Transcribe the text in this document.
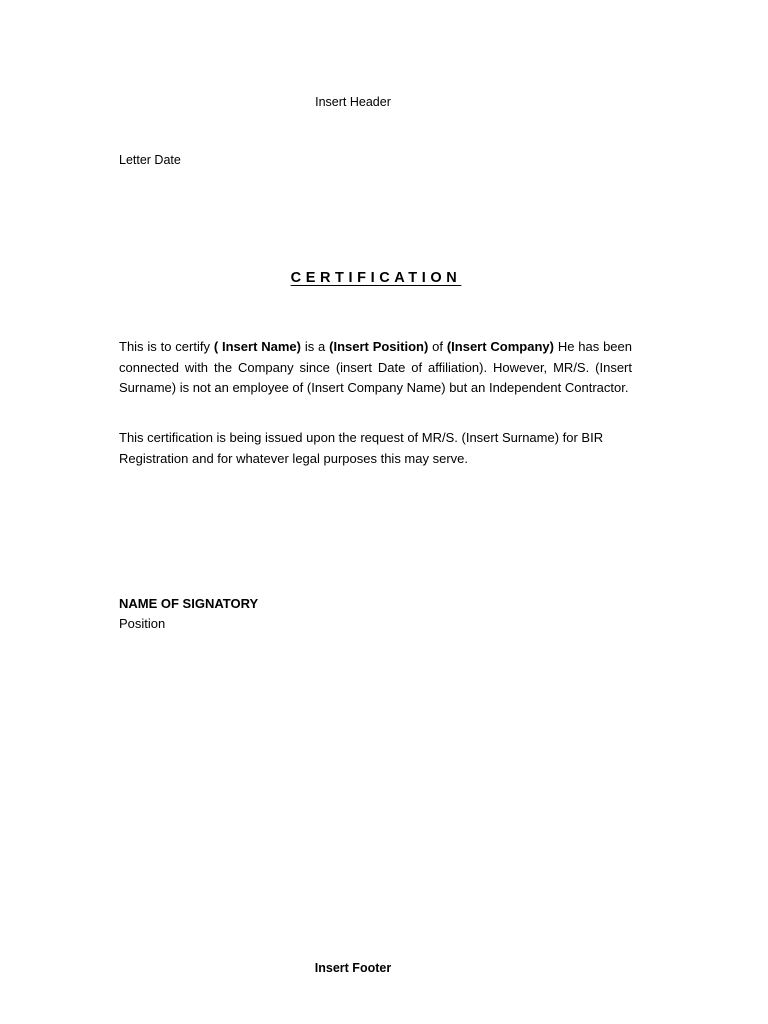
Insert Header
Letter Date
CERTIFICATION
This is to certify ( Insert Name) is a (Insert Position) of (Insert Company) He has been connected with the Company since (insert Date of affiliation). However, MR/S. (Insert Surname) is not an employee of (Insert Company Name) but an Independent Contractor.
This certification is being issued upon the request of MR/S. (Insert Surname) for BIR Registration and for whatever legal purposes this may serve.
NAME OF SIGNATORY
Position
Insert Footer
